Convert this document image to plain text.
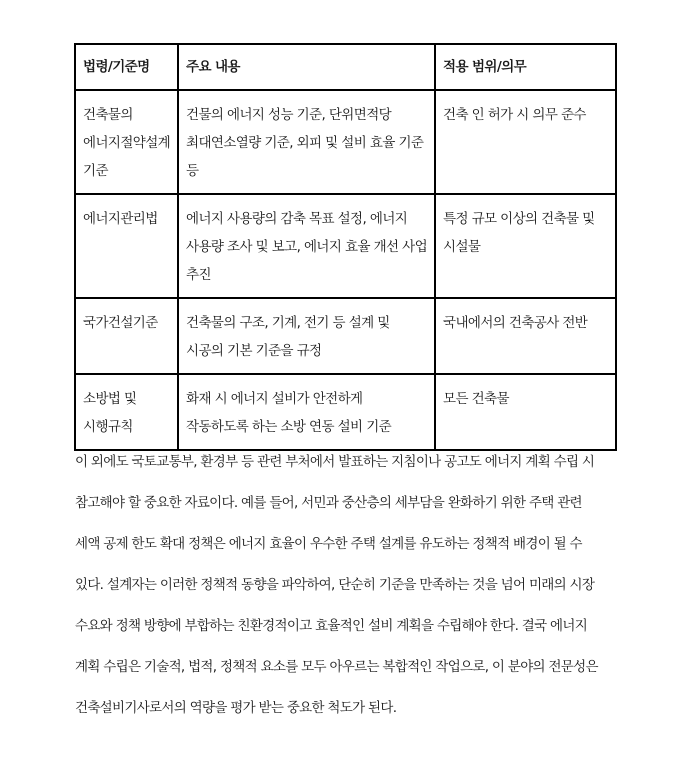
법령/기준명	주요 내용	적용 범위/의무
건축물의 에너지절약설계 기준	건물의 에너지 성능 기준, 단위면적당 최대연소열량 기준, 외피 및 설비 효율 기준 등	건축 인 허가 시 의무 준수
에너지관리법	에너지 사용량의 감축 목표 설정, 에너지 사용량 조사 및 보고, 에너지 효율 개선 사업 추진	특정 규모 이상의 건축물 및 시설물
국가건설기준	건축물의 구조, 기계, 전기 등 설계 및 시공의 기본 기준을 규정	국내에서의 건축공사 전반
소방법 및 시행규칙	화재 시 에너지 설비가 안전하게 작동하도록 하는 소방 연동 설비 기준	모든 건축물

이 외에도 국토교통부, 환경부 등 관련 부처에서 발표하는 지침이나 공고도 에너지 계획 수립 시 참고해야 할 중요한 자료이다. 예를 들어, 서민과 중산층의 세부담을 완화하기 위한 주택 관련 세액 공제 한도 확대 정책은 에너지 효율이 우수한 주택 설계를 유도하는 정책적 배경이 될 수 있다. 설계자는 이러한 정책적 동향을 파악하여, 단순히 기준을 만족하는 것을 넘어 미래의 시장 수요와 정책 방향에 부합하는 친환경적이고 효율적인 설비 계획을 수립해야 한다. 결국 에너지 계획 수립은 기술적, 법적, 정책적 요소를 모두 아우르는 복합적인 작업으로, 이 분야의 전문성은 건축설비기사로서의 역량을 평가 받는 중요한 척도가 된다.
